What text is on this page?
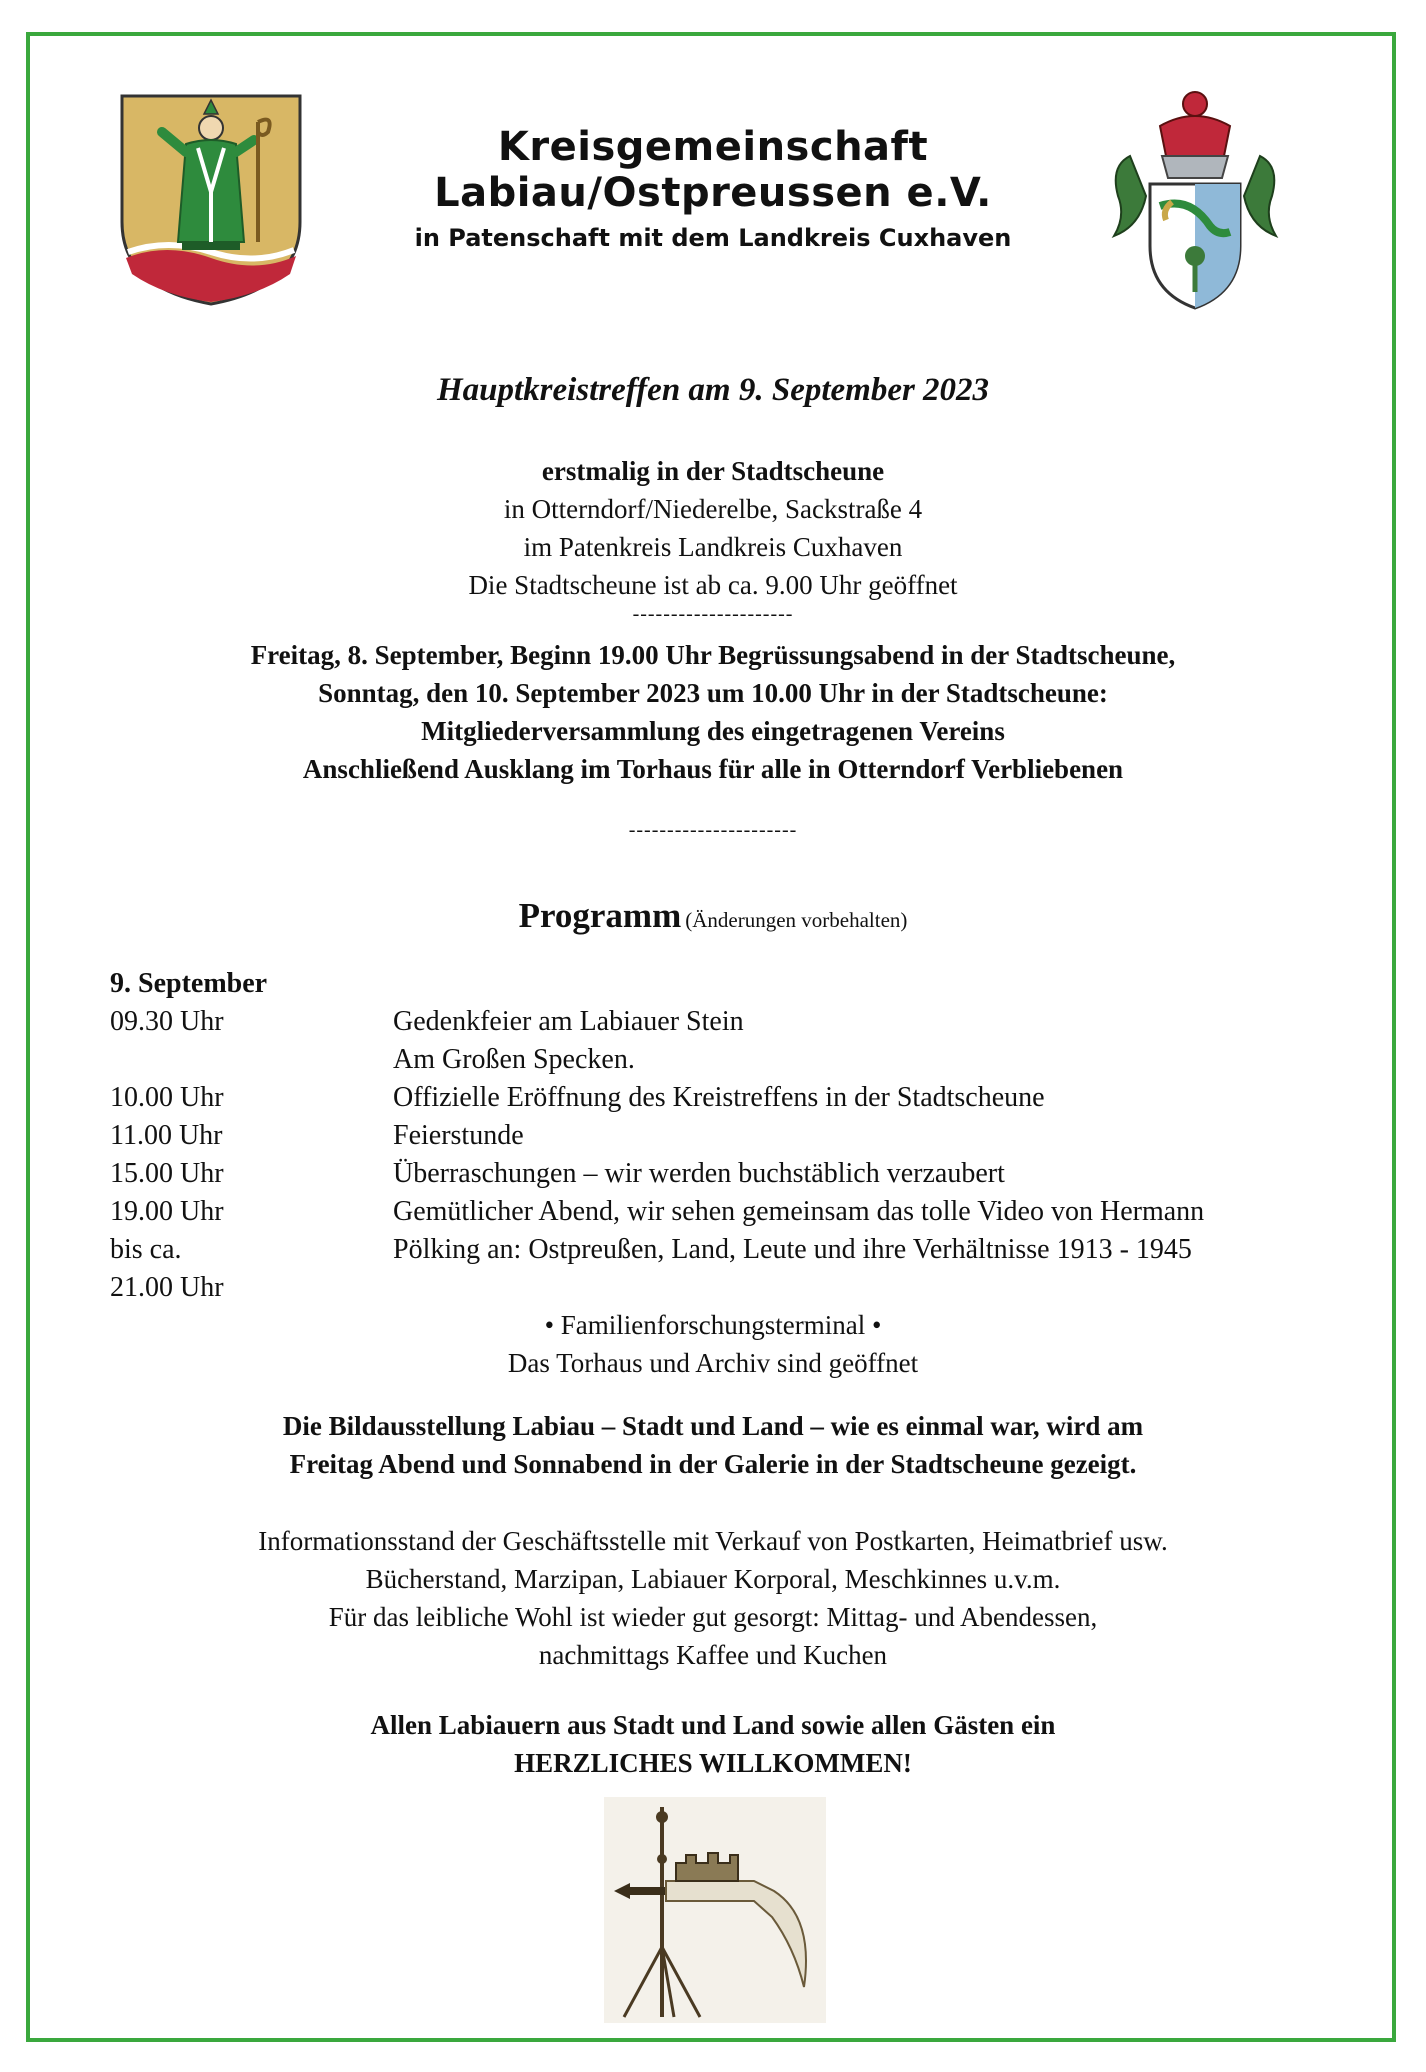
Kreisgemeinschaft
Labiau/Ostpreussen e.V.
in Patenschaft mit dem Landkreis Cuxhaven
Hauptkreistreffen am 9. September 2023
erstmalig in der Stadtscheune
in Otterndorf/Niederelbe, Sackstraße 4
im Patenkreis Landkreis Cuxhaven
Die Stadtscheune ist ab ca. 9.00 Uhr geöffnet
---------------------
Freitag, 8. September, Beginn 19.00 Uhr Begrüssungsabend in der Stadtscheune,
Sonntag, den 10. September 2023 um 10.00 Uhr in der Stadtscheune:
Mitgliederversammlung des eingetragenen Vereins
Anschließend Ausklang im Torhaus für alle in Otterndorf Verbliebenen
----------------------
Programm (Änderungen vorbehalten)
9. September
09.30 Uhr	Gedenkfeier am Labiauer Stein
Am Großen Specken.
10.00 Uhr	Offizielle Eröffnung des Kreistreffens in der Stadtscheune
11.00 Uhr	Feierstunde
15.00 Uhr	Überraschungen – wir werden buchstäblich verzaubert
19.00 Uhr	Gemütlicher Abend, wir sehen gemeinsam das tolle Video von Hermann
bis ca.	Pölking an: Ostpreußen, Land, Leute und ihre Verhältnisse 1913 - 1945
21.00 Uhr
• Familienforschungsterminal •
Das Torhaus und Archiv sind geöffnet
Die Bildausstellung Labiau – Stadt und Land – wie es einmal war, wird am
Freitag Abend und Sonnabend in der Galerie in der Stadtscheune gezeigt.
Informationsstand der Geschäftsstelle mit Verkauf von Postkarten, Heimatbrief usw.
Bücherstand, Marzipan, Labiauer Korporal, Meschkinnes u.v.m.
Für das leibliche Wohl ist wieder gut gesorgt: Mittag- und Abendessen,
nachmittags Kaffee und Kuchen
Allen Labiauern aus Stadt und Land sowie allen Gästen ein
HERZLICHES WILLKOMMEN!
